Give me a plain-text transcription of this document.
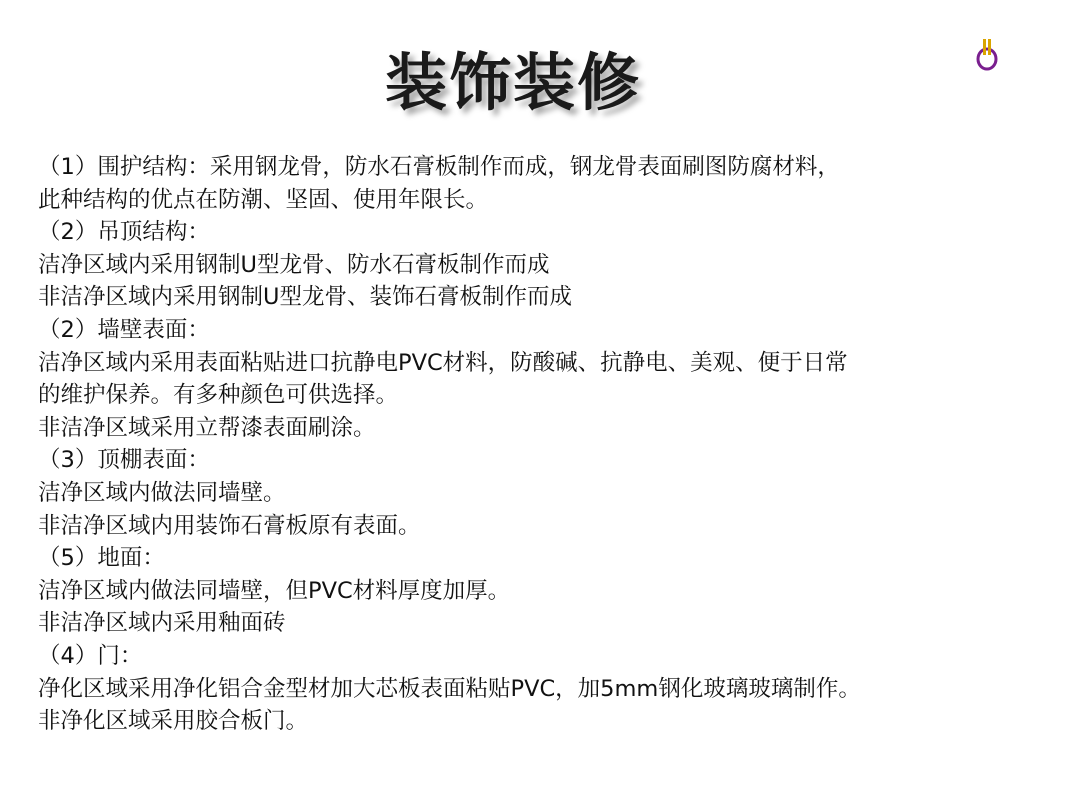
装饰装修
（1）围护结构：采用钢龙骨，防水石膏板制作而成，钢龙骨表面刷图防腐材料，
此种结构的优点在防潮、坚固、使用年限长。
（2）吊顶结构：
洁净区域内采用钢制U型龙骨、防水石膏板制作而成
非洁净区域内采用钢制U型龙骨、装饰石膏板制作而成
（2）墙壁表面：
洁净区域内采用表面粘贴进口抗静电PVC材料，防酸碱、抗静电、美观、便于日常
的维护保养。有多种颜色可供选择。
非洁净区域采用立帮漆表面刷涂。
（3）顶棚表面：
洁净区域内做法同墙壁。
非洁净区域内用装饰石膏板原有表面。
（5）地面：
洁净区域内做法同墙壁，但PVC材料厚度加厚。
非洁净区域内采用釉面砖
（4）门：
净化区域采用净化铝合金型材加大芯板表面粘贴PVC，加5mm钢化玻璃玻璃制作。
非净化区域采用胶合板门。
